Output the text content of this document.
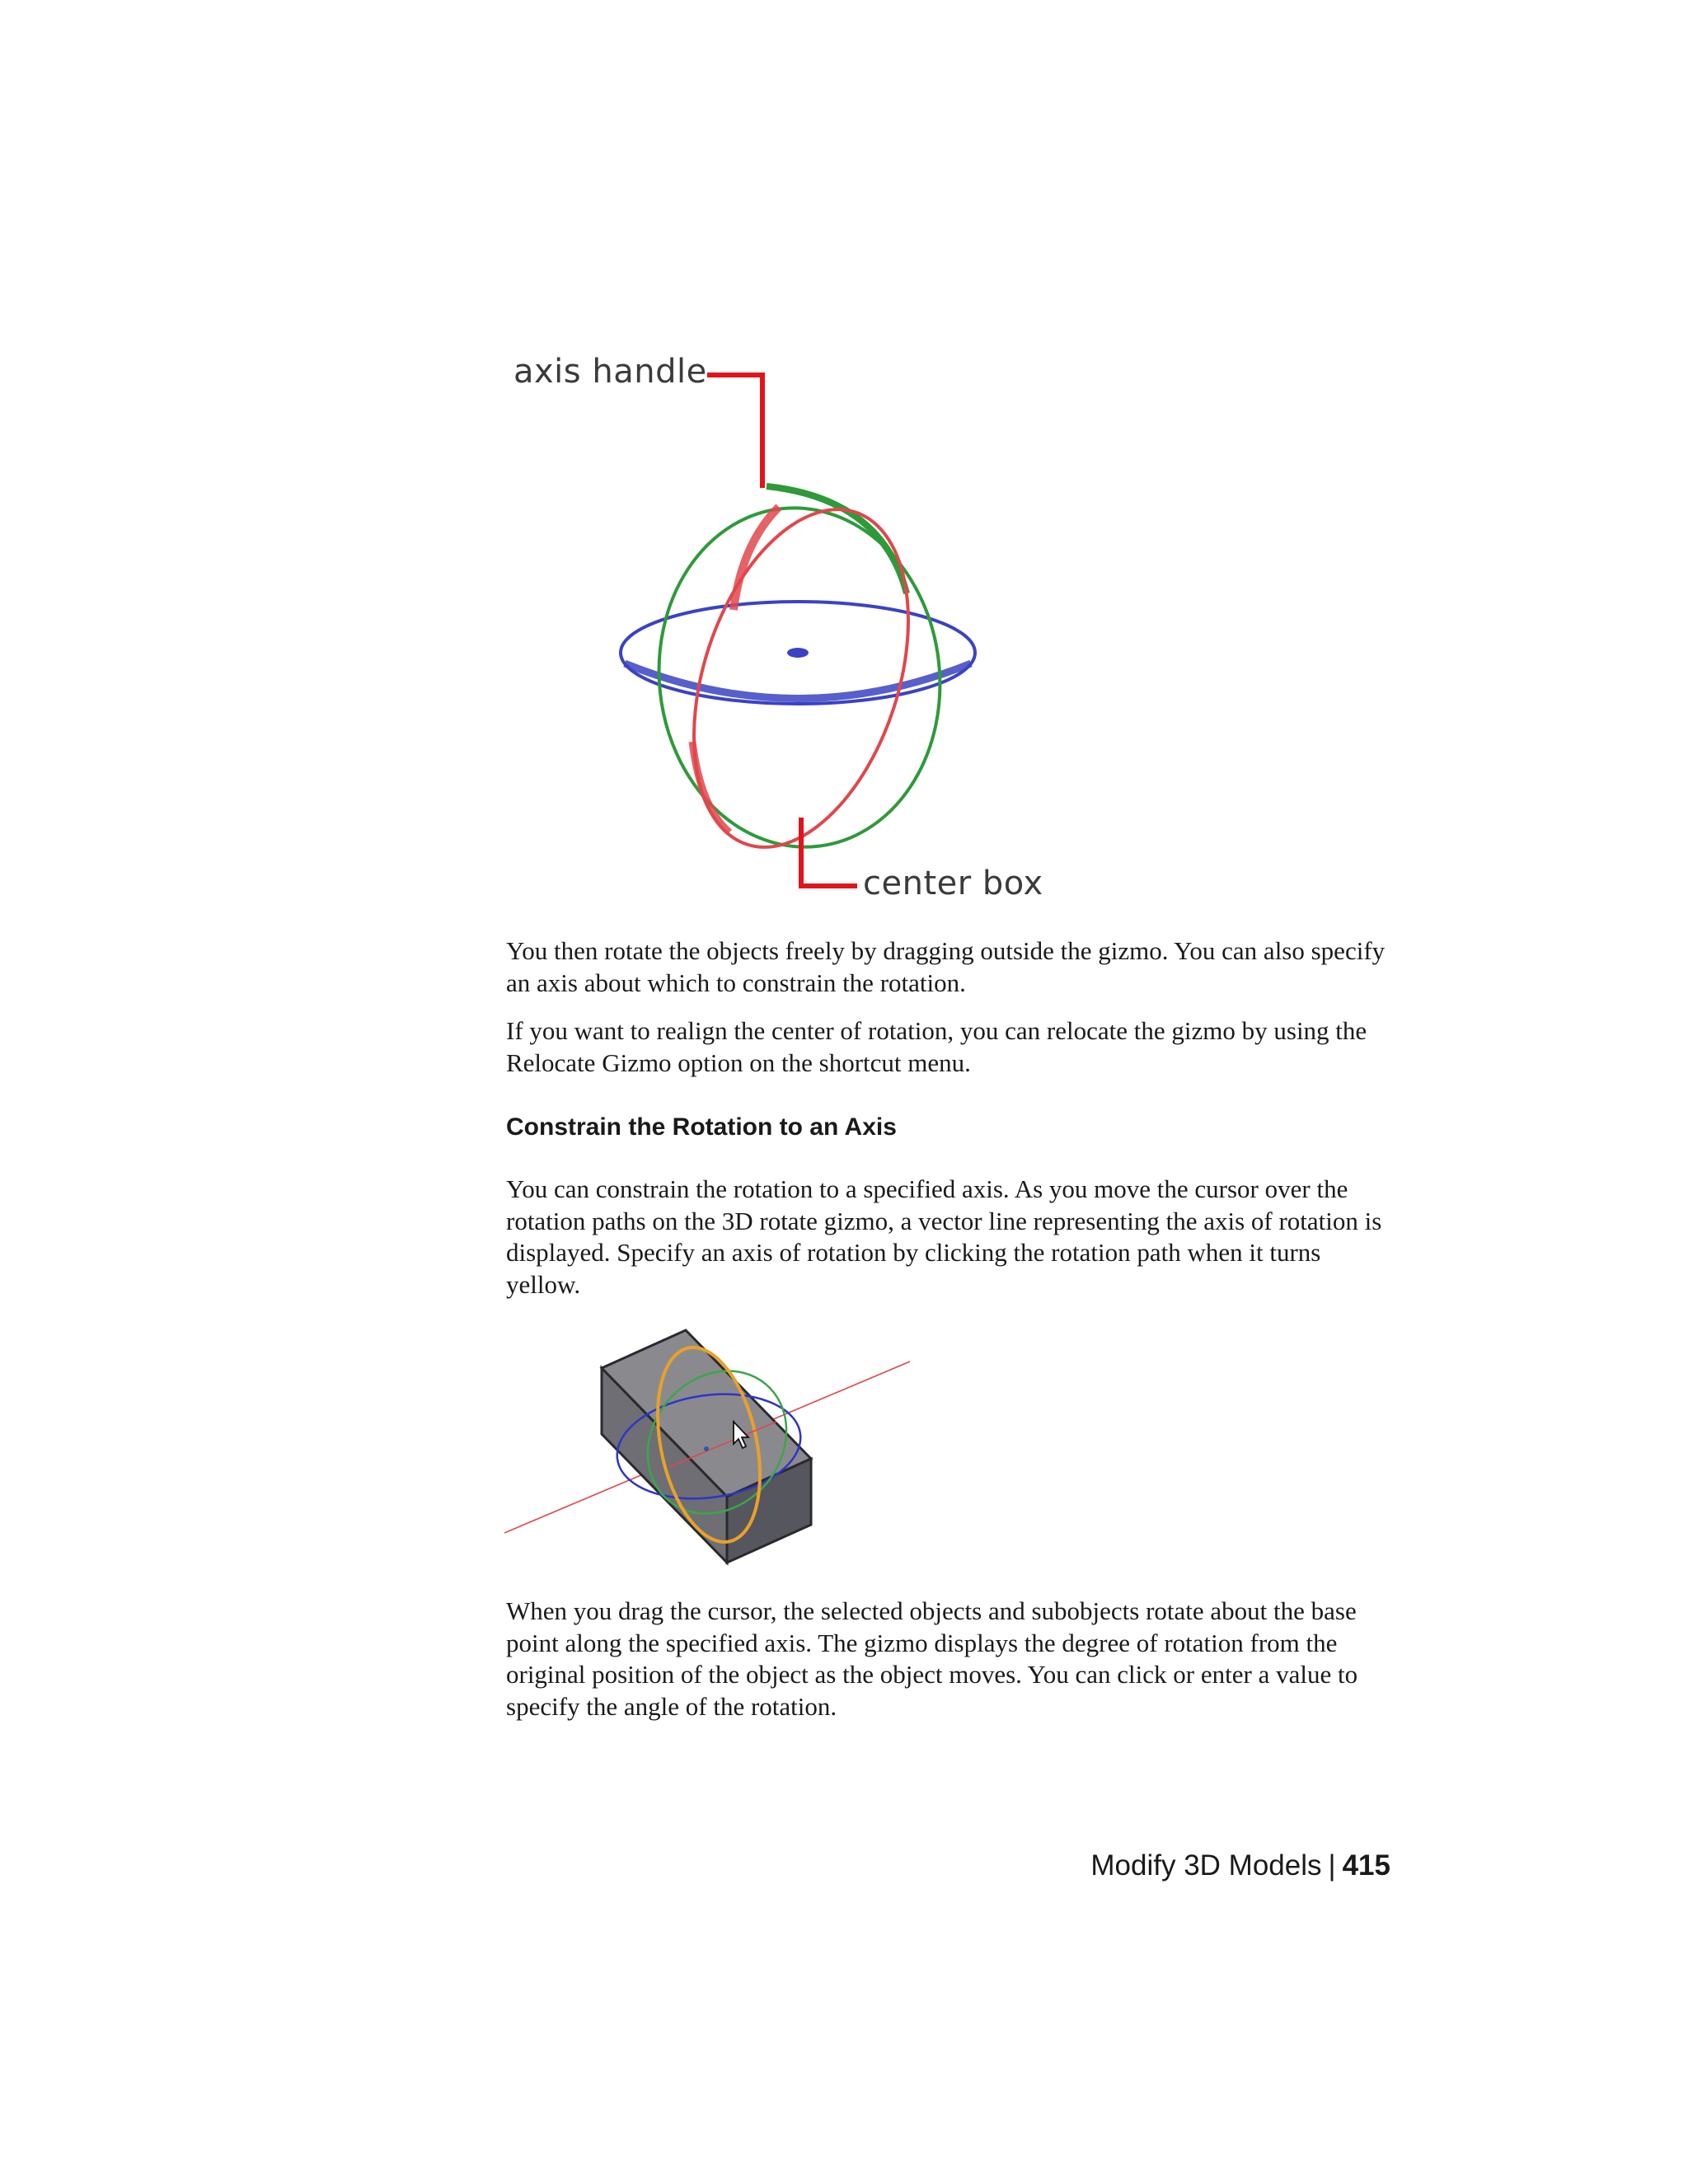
axis handle
center box

You then rotate the objects freely by dragging outside the gizmo. You can also specify an axis about which to constrain the rotation.

If you want to realign the center of rotation, you can relocate the gizmo by using the Relocate Gizmo option on the shortcut menu.

Constrain the Rotation to an Axis

You can constrain the rotation to a specified axis. As you move the cursor over the rotation paths on the 3D rotate gizmo, a vector line representing the axis of rotation is displayed. Specify an axis of rotation by clicking the rotation path when it turns yellow.

When you drag the cursor, the selected objects and subobjects rotate about the base point along the specified axis. The gizmo displays the degree of rotation from the original position of the object as the object moves. You can click or enter a value to specify the angle of the rotation.

Modify 3D Models | 415
